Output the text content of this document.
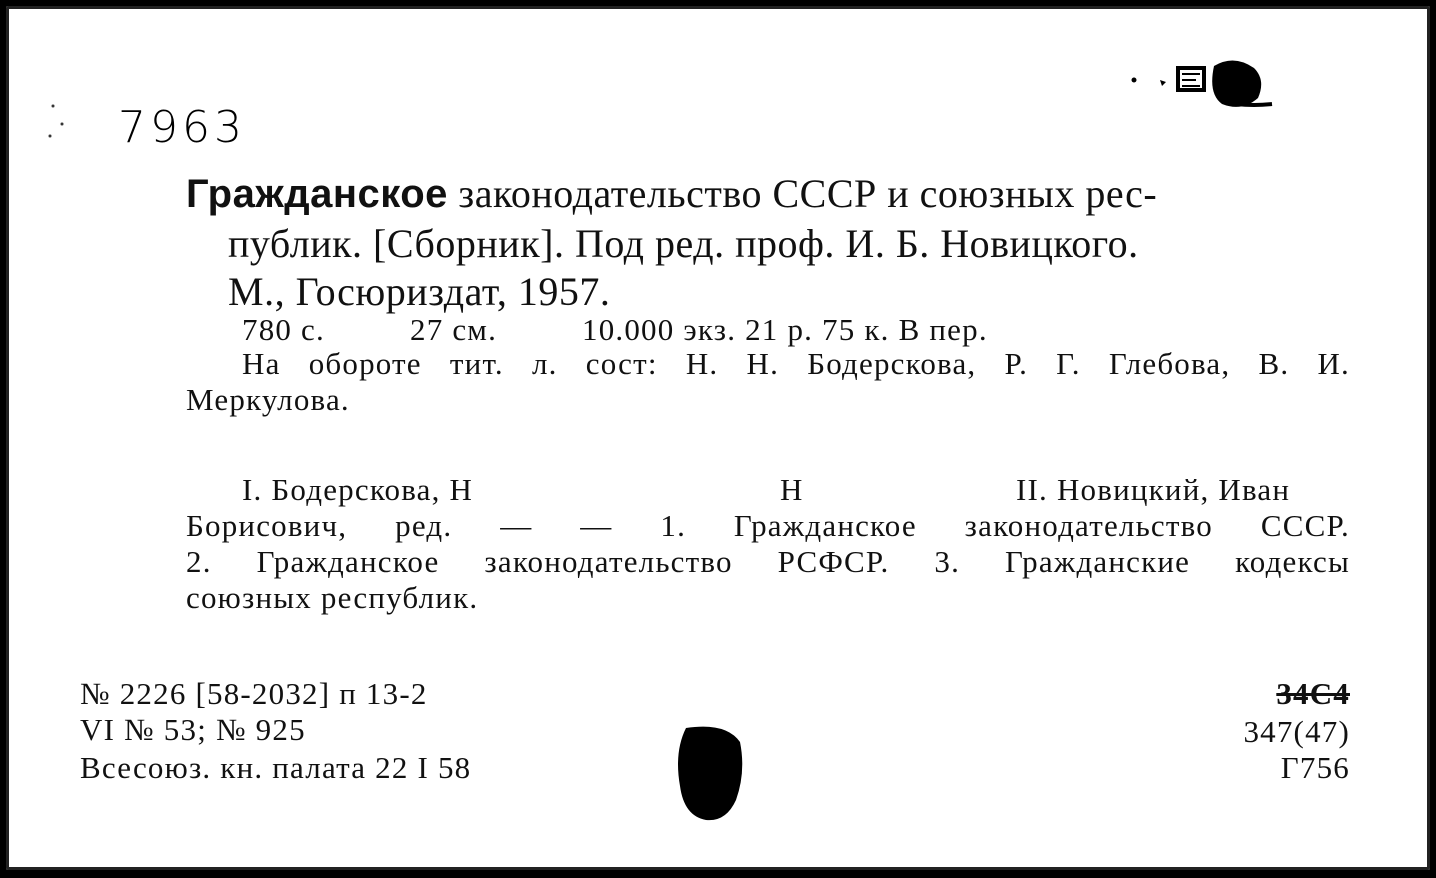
7963
Гражданское законодательство СССР и союзных рес-
публик. [Сборник]. Под ред. проф. И. Б. Новицкого.
М., Госюриздат, 1957.
780 с.	27 см.	10.000 экз. 21 р. 75 к. В пер.
На обороте тит. л. сост: Н. Н. Бодерскова, Р. Г. Глебова, В. И.
Меркулова.
I. Бодерскова, Н	Н	II. Новицкий, Иван
Борисович, ред. — — 1. Гражданское законодательство СССР.
2. Гражданское законодательство РСФСР. 3. Гражданские кодексы
союзных республик.
№ 2226 [58-2032] п 13-2
VI № 53; № 925
Всесоюз. кн. палата 22 I 58
34С4
347(47)
Г756
